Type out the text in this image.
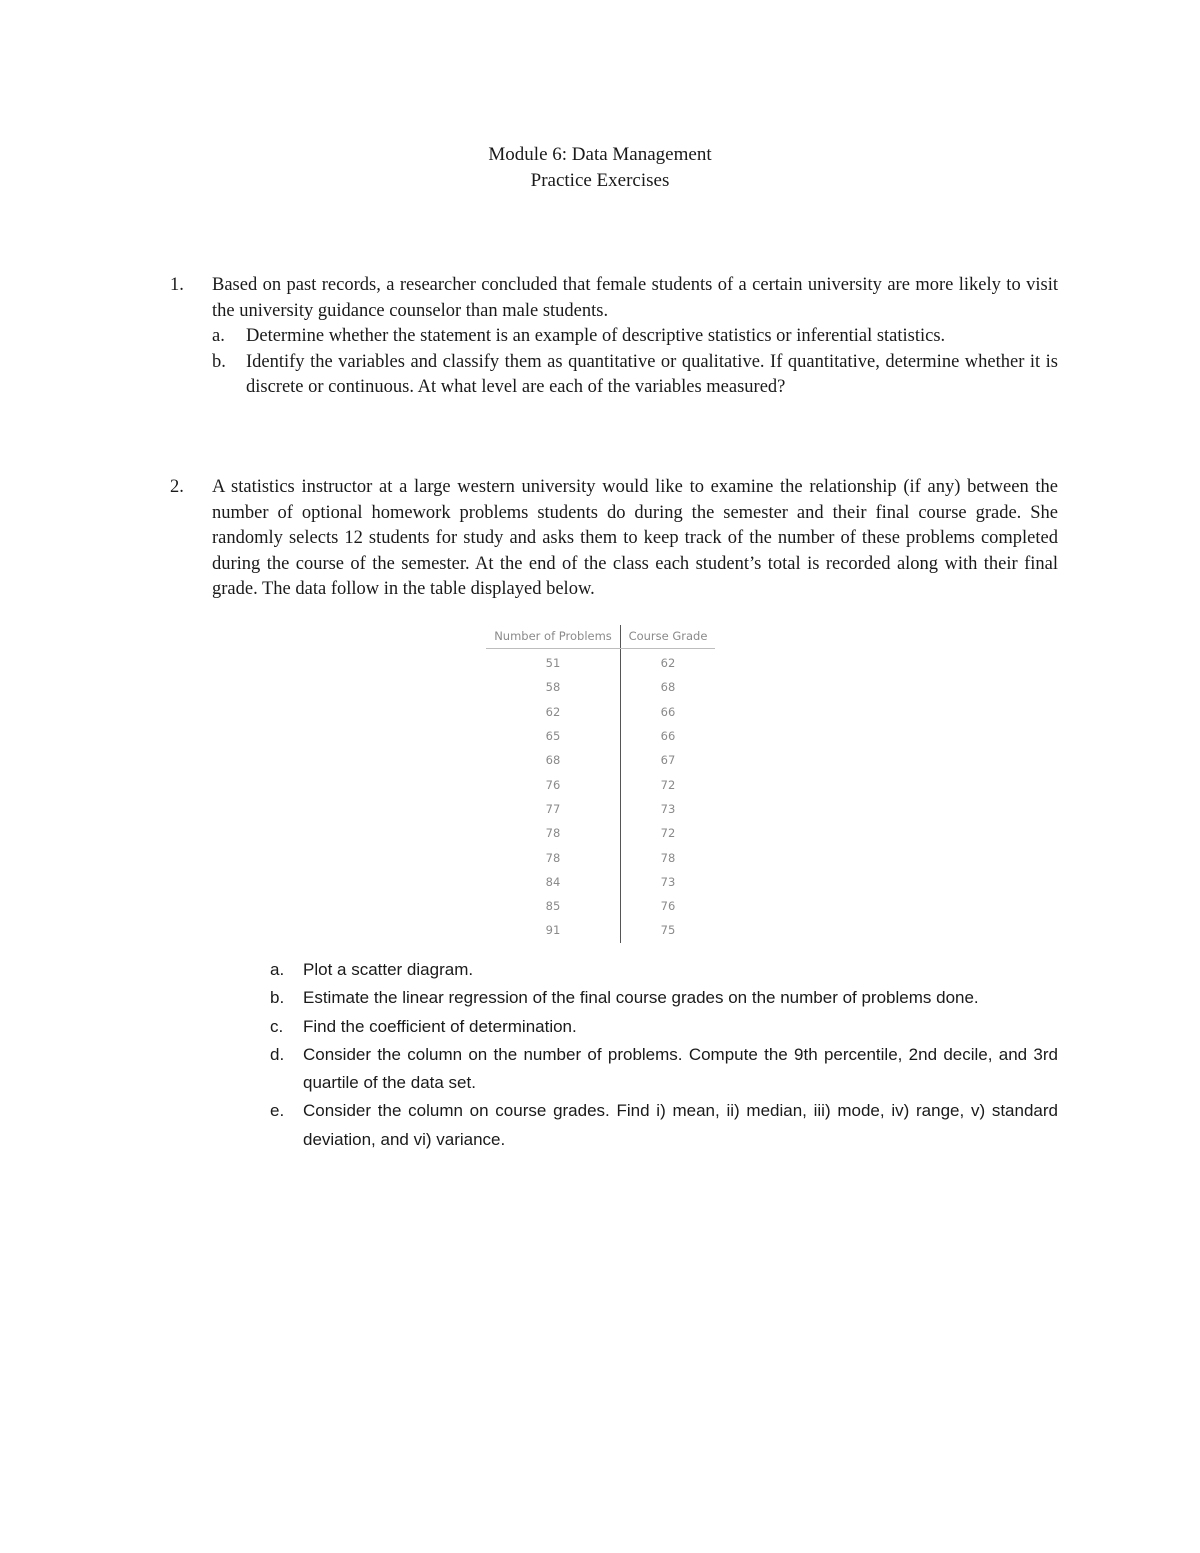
Module 6: Data Management
Practice Exercises
1. Based on past records, a researcher concluded that female students of a certain university are more likely to visit the university guidance counselor than male students.
a. Determine whether the statement is an example of descriptive statistics or inferential statistics.
b. Identify the variables and classify them as quantitative or qualitative. If quantitative, determine whether it is discrete or continuous. At what level are each of the variables measured?
2. A statistics instructor at a large western university would like to examine the relationship (if any) between the number of optional homework problems students do during the semester and their final course grade. She randomly selects 12 students for study and asks them to keep track of the number of these problems completed during the course of the semester. At the end of the class each student’s total is recorded along with their final grade. The data follow in the table displayed below.
Number of Problems	Course Grade
51	62
58	68
62	66
65	66
68	67
76	72
77	73
78	72
78	78
84	73
85	76
91	75
a. Plot a scatter diagram.
b. Estimate the linear regression of the final course grades on the number of problems done.
c. Find the coefficient of determination.
d. Consider the column on the number of problems. Compute the 9th percentile, 2nd decile, and 3rd quartile of the data set.
e. Consider the column on course grades. Find i) mean, ii) median, iii) mode, iv) range, v) standard deviation, and vi) variance.
